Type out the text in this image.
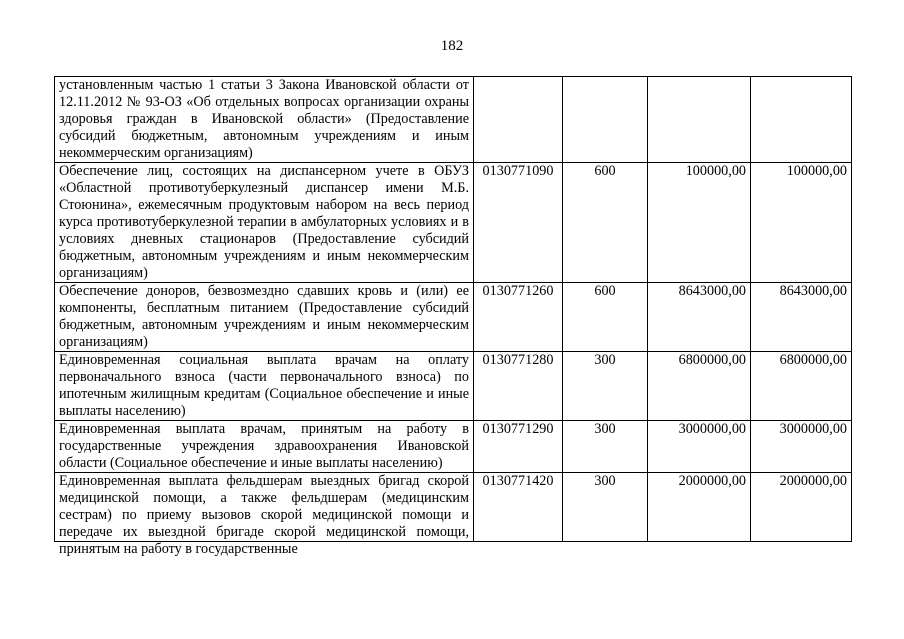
182
установленным частью 1 статьи 3 Закона Ивановской области от 12.11.2012 № 93-ОЗ «Об отдельных вопросах организации охраны здоровья граждан в Ивановской области» (Предоставление субсидий бюджетным, автономным учреждениям и иным некоммерческим организациям)				

Обеспечение лиц, состоящих на диспансерном учете в ОБУЗ «Областной противотуберкулезный диспансер имени М.Б. Стоюнина», ежемесячным продуктовым набором на весь период курса противотуберкулезной терапии в амбулаторных условиях и в условиях дневных стационаров (Предоставление субсидий бюджетным, автономным учреждениям и иным некоммерческим организациям)	0130771090	600	100000,00	100000,00

Обеспечение доноров, безвозмездно сдавших кровь и (или) ее компоненты, бесплатным питанием (Предоставление субсидий бюджетным, автономным учреждениям и иным некоммерческим организациям)	0130771260	600	8643000,00	8643000,00

Единовременная социальная выплата врачам на оплату первоначального взноса (части первоначального взноса) по ипотечным жилищным кредитам (Социальное обеспечение и иные выплаты населению)	0130771280	300	6800000,00	6800000,00

Единовременная выплата врачам, принятым на работу в государственные учреждения здравоохранения Ивановской области (Социальное обеспечение и иные выплаты населению)	0130771290	300	3000000,00	3000000,00

Единовременная выплата фельдшерам выездных бригад скорой медицинской помощи, а также фельдшерам (медицинским сестрам) по приему вызовов скорой медицинской помощи и передаче их выездной бригаде скорой медицинской помощи, принятым на работу в государственные	0130771420	300	2000000,00	2000000,00
